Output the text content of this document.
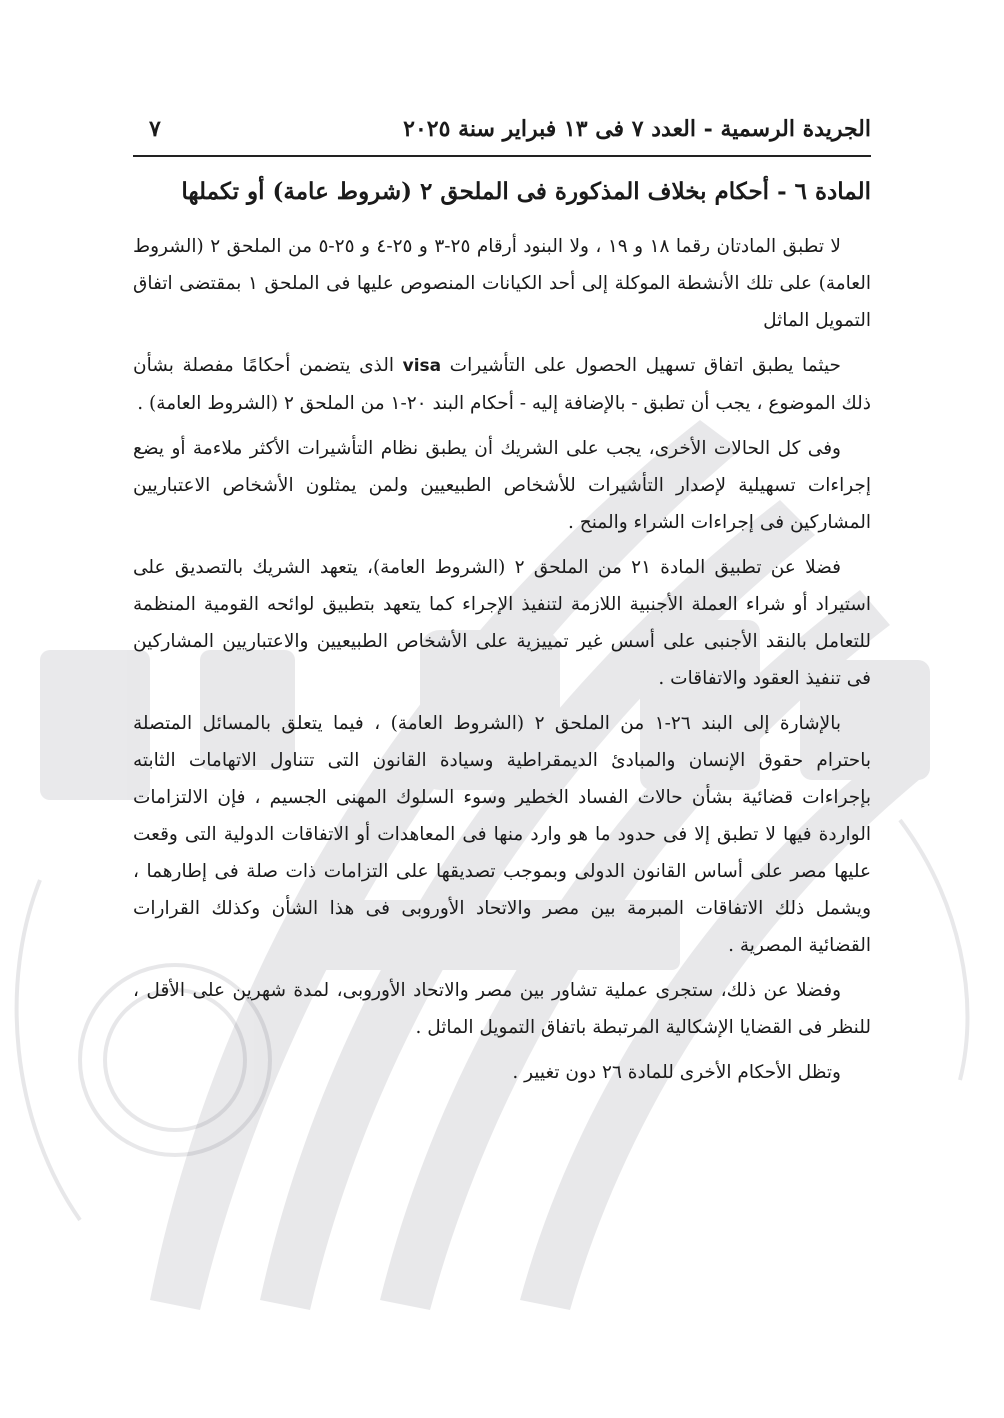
الجريدة الرسمية - العدد ٧ فى ١٣ فبراير سنة ٢٠٢٥
٧
المادة ٦ - أحكام بخلاف المذكورة فى الملحق ٢ (شروط عامة) أو تكملها

لا تطبق المادتان رقما ١٨ و ١٩ ، ولا البنود أرقام ٢٥-٣ و ٢٥-٤ و ٢٥-٥ من الملحق ٢ (الشروط العامة) على تلك الأنشطة الموكلة إلى أحد الكيانات المنصوص عليها فى الملحق ١ بمقتضى اتفاق التمويل الماثل

حيثما يطبق اتفاق تسهيل الحصول على التأشيرات visa الذى يتضمن أحكامًا مفصلة بشأن ذلك الموضوع ، يجب أن تطبق - بالإضافة إليه - أحكام البند ٢٠-١ من الملحق ٢ (الشروط العامة) .

وفى كل الحالات الأخرى، يجب على الشريك أن يطبق نظام التأشيرات الأكثر ملاءمة أو يضع إجراءات تسهيلية لإصدار التأشيرات للأشخاص الطبيعيين ولمن يمثلون الأشخاص الاعتباريين المشاركين فى إجراءات الشراء والمنح .

فضلا عن تطبيق المادة ٢١ من الملحق ٢ (الشروط العامة)، يتعهد الشريك بالتصديق على استيراد أو شراء العملة الأجنبية اللازمة لتنفيذ الإجراء كما يتعهد بتطبيق لوائحه القومية المنظمة للتعامل بالنقد الأجنبى على أسس غير تمييزية على الأشخاص الطبيعيين والاعتباريين المشاركين فى تنفيذ العقود والاتفاقات .

بالإشارة إلى البند ٢٦-١ من الملحق ٢ (الشروط العامة) ، فيما يتعلق بالمسائل المتصلة باحترام حقوق الإنسان والمبادئ الديمقراطية وسيادة القانون التى تتناول الاتهامات الثابته بإجراءات قضائية بشأن حالات الفساد الخطير وسوء السلوك المهنى الجسيم ، فإن الالتزامات الواردة فيها لا تطبق إلا فى حدود ما هو وارد منها فى المعاهدات أو الاتفاقات الدولية التى وقعت عليها مصر على أساس القانون الدولى وبموجب تصديقها على التزامات ذات صلة فى إطارهما ، ويشمل ذلك الاتفاقات المبرمة بين مصر والاتحاد الأوروبى فى هذا الشأن وكذلك القرارات القضائية المصرية .

وفضلا عن ذلك، ستجرى عملية تشاور بين مصر والاتحاد الأوروبى، لمدة شهرين على الأقل ، للنظر فى القضايا الإشكالية المرتبطة باتفاق التمويل الماثل .

وتظل الأحكام الأخرى للمادة ٢٦ دون تغيير .
